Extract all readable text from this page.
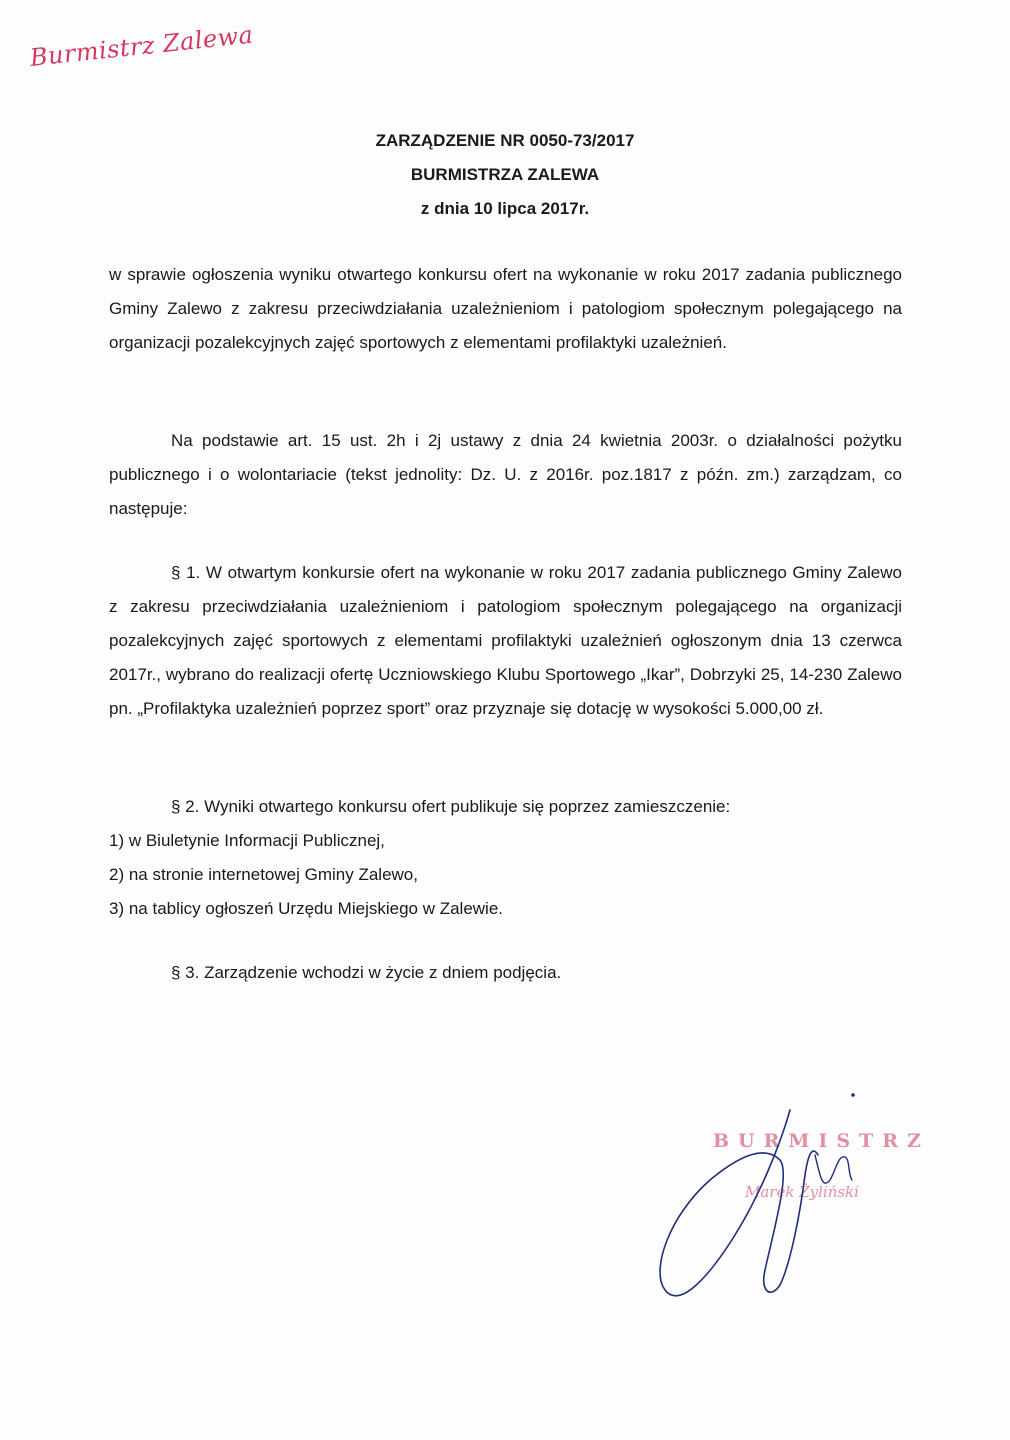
Burmistrz Zalewa
ZARZĄDZENIE NR 0050-73/2017
BURMISTRZA ZALEWA
z dnia 10 lipca 2017r.
w sprawie ogłoszenia wyniku otwartego konkursu ofert na wykonanie w roku 2017 zadania publicznego Gminy Zalewo z zakresu przeciwdziałania uzależnieniom i patologiom społecznym polegającego na organizacji pozalekcyjnych zajęć sportowych z elementami profilaktyki uzależnień.
Na podstawie art. 15 ust. 2h i 2j ustawy z dnia 24 kwietnia 2003r. o działalności pożytku publicznego i o wolontariacie (tekst jednolity: Dz. U. z 2016r. poz.1817 z późn. zm.) zarządzam, co następuje:
§ 1. W otwartym konkursie ofert na wykonanie w roku 2017 zadania publicznego Gminy Zalewo z zakresu przeciwdziałania uzależnieniom i patologiom społecznym polegającego na organizacji pozalekcyjnych zajęć sportowych z elementami profilaktyki uzależnień ogłoszonym dnia 13 czerwca 2017r., wybrano do realizacji ofertę Uczniowskiego Klubu Sportowego „Ikar”, Dobrzyki 25, 14-230 Zalewo pn. „Profilaktyka uzależnień poprzez sport” oraz przyznaje się dotację w wysokości 5.000,00 zł.
§ 2. Wyniki otwartego konkursu ofert publikuje się poprzez zamieszczenie:
1) w Biuletynie Informacji Publicznej,
2) na stronie internetowej Gminy Zalewo,
3) na tablicy ogłoszeń Urzędu Miejskiego w Zalewie.
§ 3. Zarządzenie wchodzi w życie z dniem podjęcia.
BURMISTRZ
Marek Żyliński
